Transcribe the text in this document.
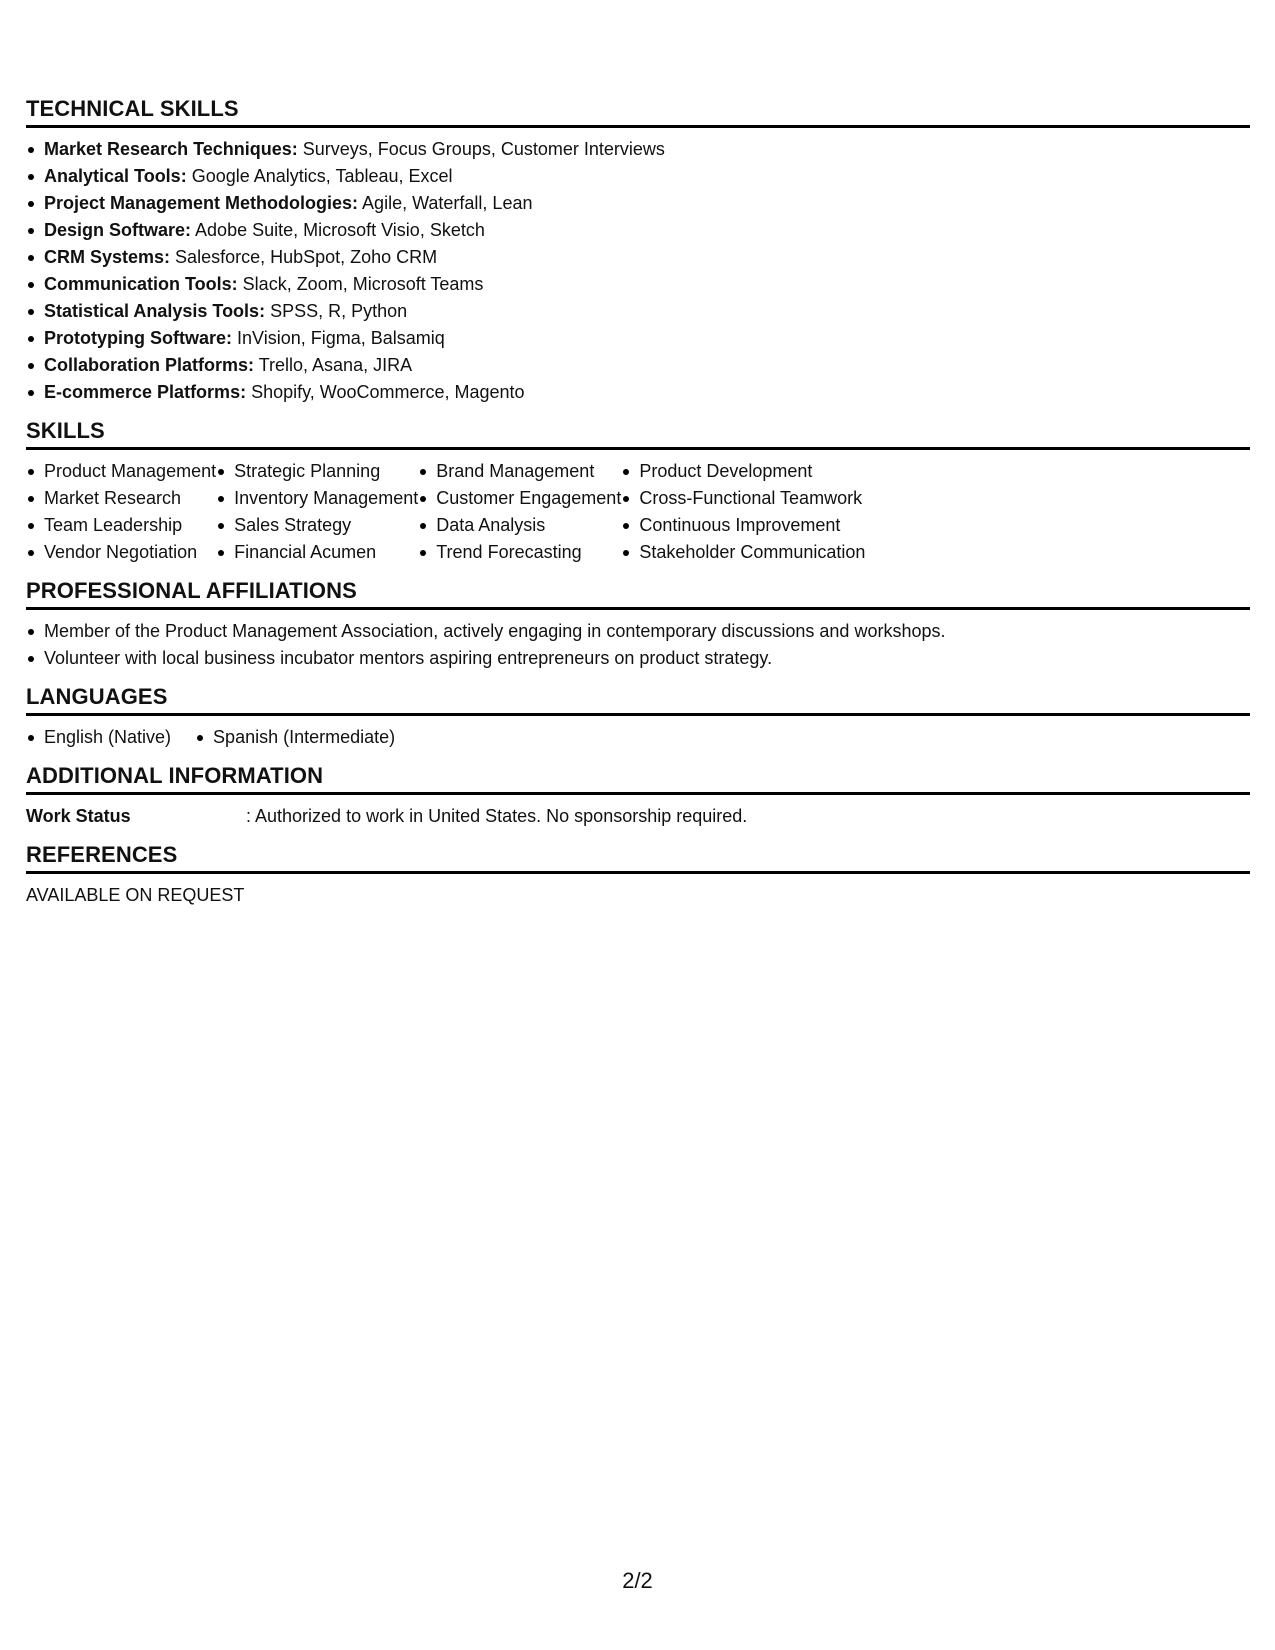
TECHNICAL SKILLS
Market Research Techniques: Surveys, Focus Groups, Customer Interviews
Analytical Tools: Google Analytics, Tableau, Excel
Project Management Methodologies: Agile, Waterfall, Lean
Design Software: Adobe Suite, Microsoft Visio, Sketch
CRM Systems: Salesforce, HubSpot, Zoho CRM
Communication Tools: Slack, Zoom, Microsoft Teams
Statistical Analysis Tools: SPSS, R, Python
Prototyping Software: InVision, Figma, Balsamiq
Collaboration Platforms: Trello, Asana, JIRA
E-commerce Platforms: Shopify, WooCommerce, Magento
SKILLS
Product Management
Market Research
Team Leadership
Vendor Negotiation
Strategic Planning
Inventory Management
Sales Strategy
Financial Acumen
Brand Management
Customer Engagement
Data Analysis
Trend Forecasting
Product Development
Cross-Functional Teamwork
Continuous Improvement
Stakeholder Communication
PROFESSIONAL AFFILIATIONS
Member of the Product Management Association, actively engaging in contemporary discussions and workshops.
Volunteer with local business incubator mentors aspiring entrepreneurs on product strategy.
LANGUAGES
English (Native)	Spanish (Intermediate)
ADDITIONAL INFORMATION
Work Status	: Authorized to work in United States. No sponsorship required.
REFERENCES
AVAILABLE ON REQUEST
2/2
